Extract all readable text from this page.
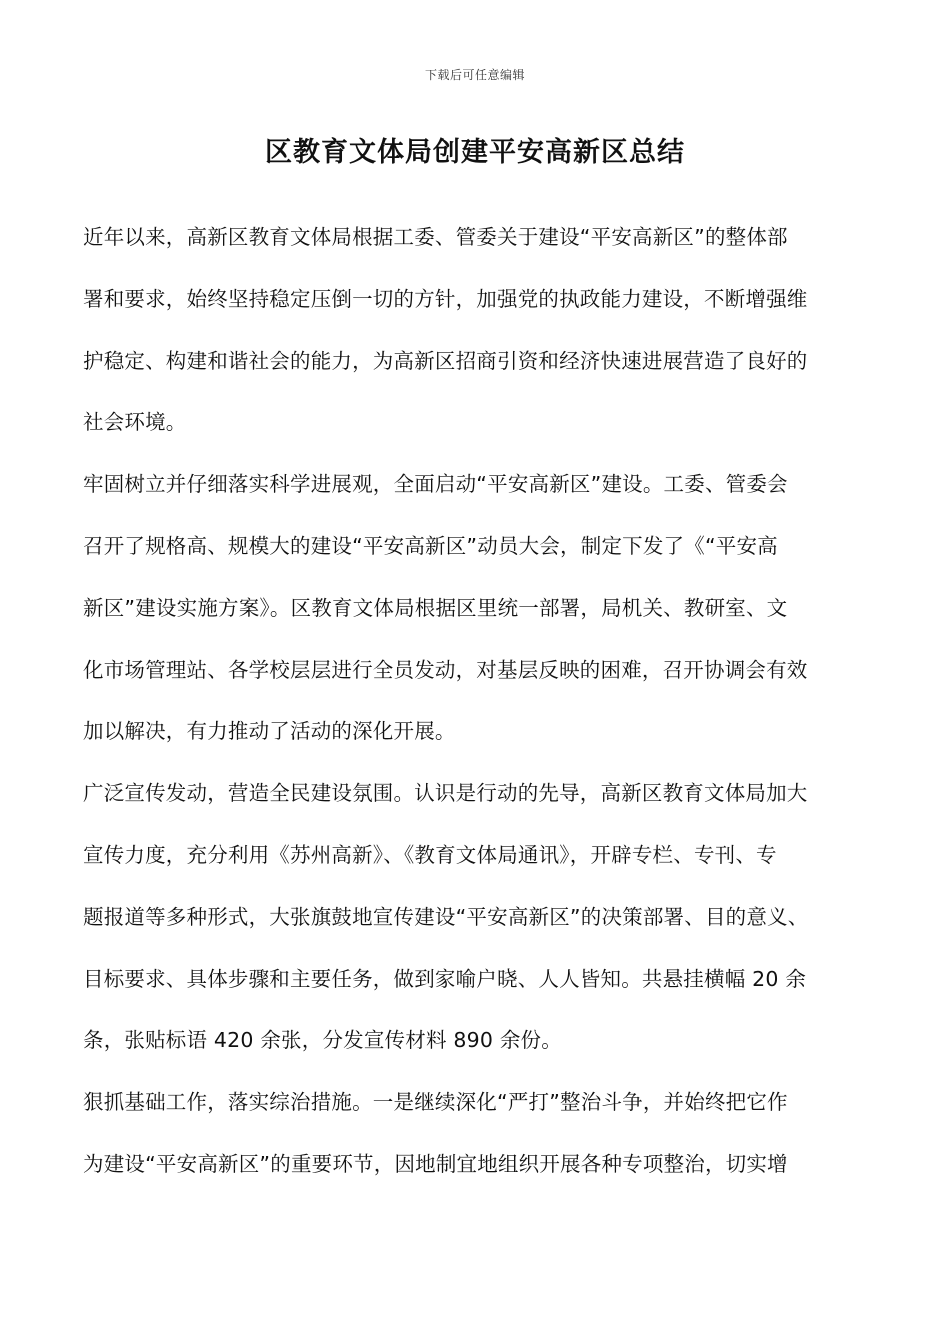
下载后可任意编辑
区教育文体局创建平安高新区总结
近年以来，高新区教育文体局根据工委、管委关于建设“平安高新区”的整体部
署和要求，始终坚持稳定压倒一切的方针，加强党的执政能力建设，不断增强维
护稳定、构建和谐社会的能力，为高新区招商引资和经济快速进展营造了良好的
社会环境。
牢固树立并仔细落实科学进展观，全面启动“平安高新区”建设。工委、管委会
召开了规格高、规模大的建设“平安高新区”动员大会，制定下发了《“平安高
新区”建设实施方案》。区教育文体局根据区里统一部署，局机关、教研室、文
化市场管理站、各学校层层进行全员发动，对基层反映的困难，召开协调会有效
加以解决，有力推动了活动的深化开展。
广泛宣传发动，营造全民建设氛围。认识是行动的先导，高新区教育文体局加大
宣传力度，充分利用《苏州高新》、《教育文体局通讯》，开辟专栏、专刊、专
题报道等多种形式，大张旗鼓地宣传建设“平安高新区”的决策部署、目的意义、
目标要求、具体步骤和主要任务，做到家喻户晓、人人皆知。共悬挂横幅 20 余
条，张贴标语 420 余张，分发宣传材料 890 余份。
狠抓基础工作，落实综治措施。一是继续深化“严打”整治斗争，并始终把它作
为建设“平安高新区”的重要环节，因地制宜地组织开展各种专项整治，切实增
